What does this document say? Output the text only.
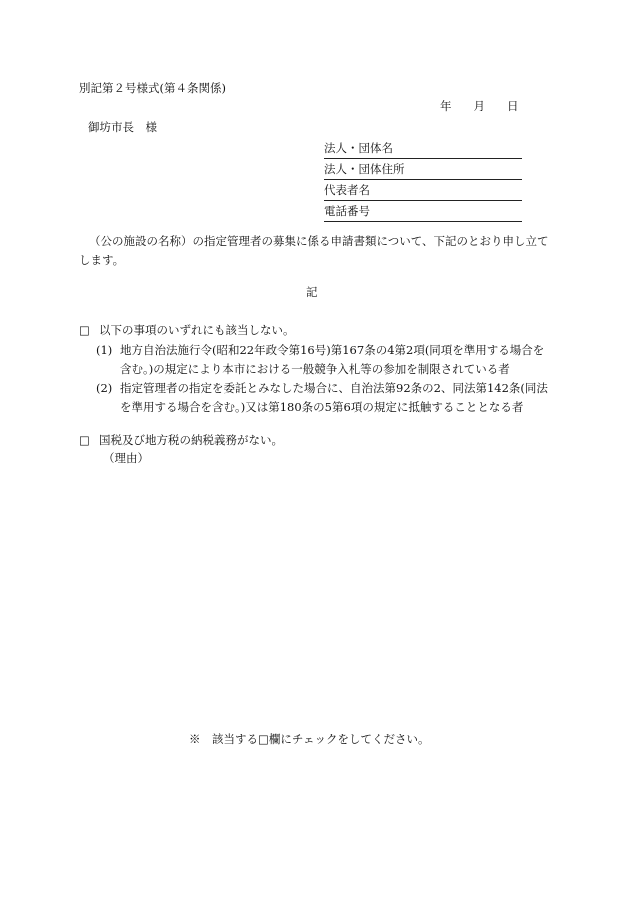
別記第２号様式(第４条関係)
年 月 日
御坊市長　様
法人・団体名
法人・団体住所
代表者名
電話番号
（公の施設の名称）の指定管理者の募集に係る申請書類について、下記のとおり申し立てします。
記
□ 以下の事項のいずれにも該当しない。
(1) 地方自治法施行令(昭和22年政令第16号)第167条の4第2項(同項を準用する場合を
含む。)の規定により本市における一般競争入札等の参加を制限されている者
(2) 指定管理者の指定を委託とみなした場合に、自治法第92条の2、同法第142条(同法
を準用する場合を含む。)又は第180条の5第6項の規定に抵触することとなる者
□ 国税及び地方税の納税義務がない。
（理由）
※　該当する□欄にチェックをしてください。
